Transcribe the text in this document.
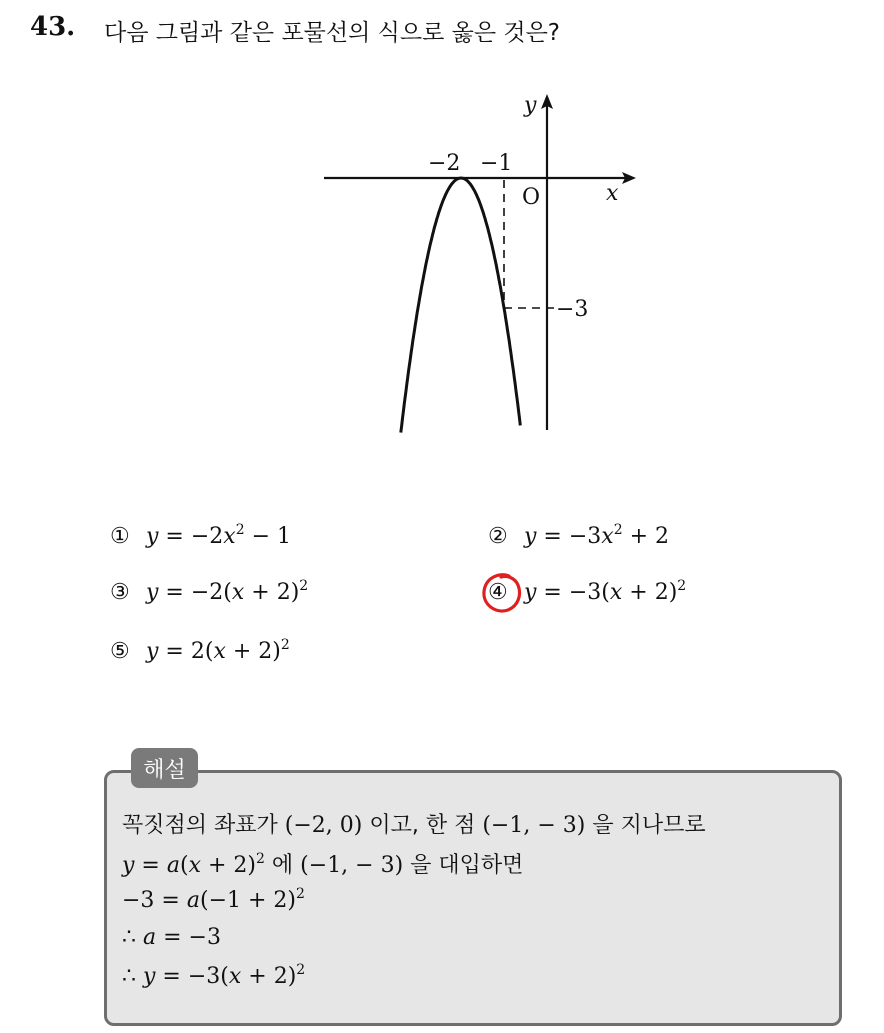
43. 다음 그림과 같은 포물선의 식으로 옳은 것은?
y
x
O
−2 −1
−3
① $y = -2x^2 - 1$	② $y = -3x^2 + 2$
③ $y = -2(x + 2)^2$	④ $y = -3(x + 2)^2$
⑤ $y = 2(x + 2)^2$
해설
꼭짓점의 좌표가 (−2, 0) 이고, 한 점 (−1, − 3) 을 지나므로
$y = a(x + 2)^2$ 에 (−1, − 3) 을 대입하면
$-3 = a(-1 + 2)^2$
∴ a = −3
∴ $y = -3(x + 2)^2$
